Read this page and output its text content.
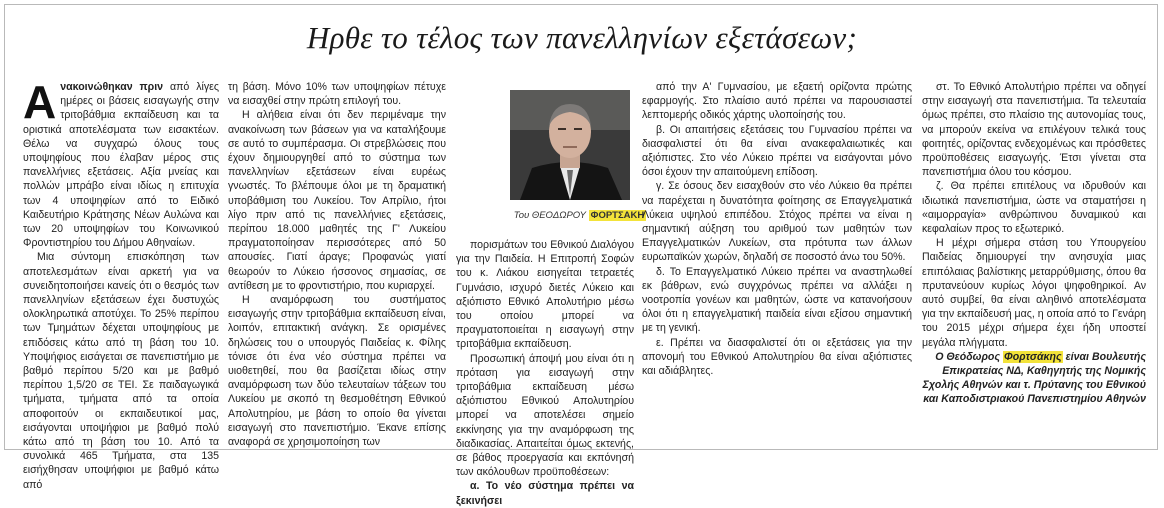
Ηρθε το τέλος των πανελληνίων εξετάσεων;

Ανακοινώθηκαν πριν από λίγες ημέρες οι βάσεις εισαγωγής στην τριτοβάθμια εκπαίδευση και τα οριστικά αποτελέσματα των εισακτέων. Θέλω να συγχαρώ όλους τους υποψηφίους που έλαβαν μέρος στις πανελλήνιες εξετάσεις. Αξία μνείας και πολλών μπράβο είναι ιδίως η επιτυχία των 4 υποψηφίων από το Ειδικό Καιδευτήριο Κράτησης Νέων Αυλώνα και των 20 υποψηφίων του Κοινωνικού Φροντιστηρίου του Δήμου Αθηναίων.

Μια σύντομη επισκόπηση των αποτελεσμάτων είναι αρκετή για να συνειδητοποιήσει κανείς ότι ο θεσμός των πανελληνίων εξετάσεων έχει δυστυχώς ολοκληρωτικά αποτύχει. Το 25% περίπου των Τμημάτων δέχεται υποψηφίους με επιδόσεις κάτω από τη βάση του 10. Υποψήφιος εισάγεται σε πανεπιστήμιο με βαθμό περίπου 5/20 και με βαθμό περίπου 1,5/20 σε ΤΕΙ. Σε παιδαγωγικά τμήματα, τμήματα από τα οποία αποφοιτούν οι εκπαιδευτικοί μας, εισάγονται υποψήφιοι με βαθμό πολύ κάτω από τη βάση του 10. Από τα συνολικά 465 Τμήματα, στα 135 εισήχθησαν υποψήφιοι με βαθμό κάτω από

τη βάση. Μόνο 10% των υποψηφίων πέτυχε να εισαχθεί στην πρώτη επιλογή του.

Η αλήθεια είναι ότι δεν περιμέναμε την ανακοίνωση των βάσεων για να καταλήξουμε σε αυτό το συμπέρασμα. Οι στρεβλώσεις που έχουν δημιουργηθεί από το σύστημα των πανελληνίων εξετάσεων είναι ευρέως γνωστές. Το βλέπουμε όλοι με τη δραματική υποβάθμιση του Λυκείου. Τον Απρίλιο, ήτοι λίγο πριν από τις πανελλήνιες εξετάσεις, περίπου 18.000 μαθητές της Γ' Λυκείου πραγματοποίησαν περισσότερες από 50 απουσίες. Γιατί άραγε; Προφανώς γιατί θεωρούν το Λύκειο ήσσονος σημασίας, σε αντίθεση με το φροντιστήριο, που κυριαρχεί.

Η αναμόρφωση του συστήματος εισαγωγής στην τριτοβάθμια εκπαίδευση είναι, λοιπόν, επιτακτική ανάγκη. Σε ορισμένες δηλώσεις του ο υπουργός Παιδείας κ. Φίλης τόνισε ότι ένα νέο σύστημα πρέπει να υιοθετηθεί, που θα βασίζεται ιδίως στην αναμόρφωση των δύο τελευταίων τάξεων του Λυκείου με σκοπό τη θεσμοθέτηση Εθνικού Απολυτηρίου, με βάση το οποίο θα γίνεται εισαγωγή στο πανεπιστήμιο. Έκανε επίσης αναφορά σε χρησιμοποίηση των

Του ΘΕΟΔΩΡΟΥ ΦΟΡΤΣΑΚΗ

πορισμάτων του Εθνικού Διαλόγου για την Παιδεία. Η Επιτροπή Σοφών του κ. Λιάκου εισηγείται τετραετές Γυμνάσιο, ισχυρό διετές Λύκειο και αξιόπιστο Εθνικό Απολυτήριο μέσω του οποίου μπορεί να πραγματοποιείται η εισαγωγή στην τριτοβάθμια εκπαίδευση.

Προσωπική άποψή μου είναι ότι η πρόταση για εισαγωγή στην τριτοβάθμια εκπαίδευση μέσω αξιόπιστου Εθνικού Απολυτηρίου μπορεί να αποτελέσει σημείο εκκίνησης για την αναμόρφωση της διαδικασίας. Απαιτείται όμως εκτενής, σε βάθος προεργασία και εκπόνησή των ακόλουθων προϋποθέσεων:

α. Το νέο σύστημα πρέπει να ξεκινήσει

από την Α' Γυμνασίου, με εξαετή ορίζοντα πρώτης εφαρμογής. Στο πλαίσιο αυτό πρέπει να παρουσιαστεί λεπτομερής οδικός χάρτης υλοποίησής του.

β. Οι απαιτήσεις εξετάσεις του Γυμνασίου πρέπει να διασφαλιστεί ότι θα είναι ανακεφαλαιωτικές και αξιόπιστες. Στο νέο Λύκειο πρέπει να εισάγονται μόνο όσοι έχουν την απαιτούμενη επίδοση.

γ. Σε όσους δεν εισαχθούν στο νέο Λύκειο θα πρέπει να παρέχεται η δυνατότητα φοίτησης σε Επαγγελματικά Λύκεια υψηλού επιπέδου. Στόχος πρέπει να είναι η σημαντική αύξηση του αριθμού των μαθητών των Επαγγελματικών Λυκείων, στα πρότυπα των άλλων ευρωπαϊκών χωρών, δηλαδή σε ποσοστό άνω του 50%.

δ. Το Επαγγελματικό Λύκειο πρέπει να αναστηλωθεί εκ βάθρων, ενώ συγχρόνως πρέπει να αλλάξει η νοοτροπία γονέων και μαθητών, ώστε να κατανοήσουν όλοι ότι η επαγγελματική παιδεία είναι εξίσου σημαντική με τη γενική.

ε. Πρέπει να διασφαλιστεί ότι οι εξετάσεις για την απονομή του Εθνικού Απολυτηρίου θα είναι αξιόπιστες και αδιάβλητες.

στ. Το Εθνικό Απολυτήριο πρέπει να οδηγεί στην εισαγωγή στα πανεπιστήμια. Τα τελευταία όμως πρέπει, στο πλαίσιο της αυτονομίας τους, να μπορούν εκείνα να επιλέγουν τελικά τους φοιτητές, ορίζοντας ενδεχομένως και πρόσθετες προϋποθέσεις εισαγωγής. Έτσι γίνεται στα πανεπιστήμια όλου του κόσμου.

ζ. Θα πρέπει επιτέλους να ιδρυθούν και ιδιωτικά πανεπιστήμια, ώστε να σταματήσει η «αιμορραγία» ανθρώπινου δυναμικού και κεφαλαίων προς το εξωτερικό.

Η μέχρι σήμερα στάση του Υπουργείου Παιδείας δημιουργεί την ανησυχία μιας επιπόλαιας βαλίστικης μεταρρύθμισης, όπου θα πρυτανεύουν κυρίως λόγοι ψηφοθηρικοί. Αν αυτό συμβεί, θα είναι αληθινό αποτελέσματα για την εκπαίδευσή μας, η οποία από το Γενάρη του 2015 μέχρι σήμερα έχει ήδη υποστεί μεγάλα πλήγματα.

Ο Θεόδωρος Φορτσάκης είναι Βουλευτής Επικρατείας ΝΔ, Καθηγητής της Νομικής Σχολής Αθηνών και τ. Πρύτανης του Εθνικού και Καποδιστριακού Πανεπιστημίου Αθηνών
